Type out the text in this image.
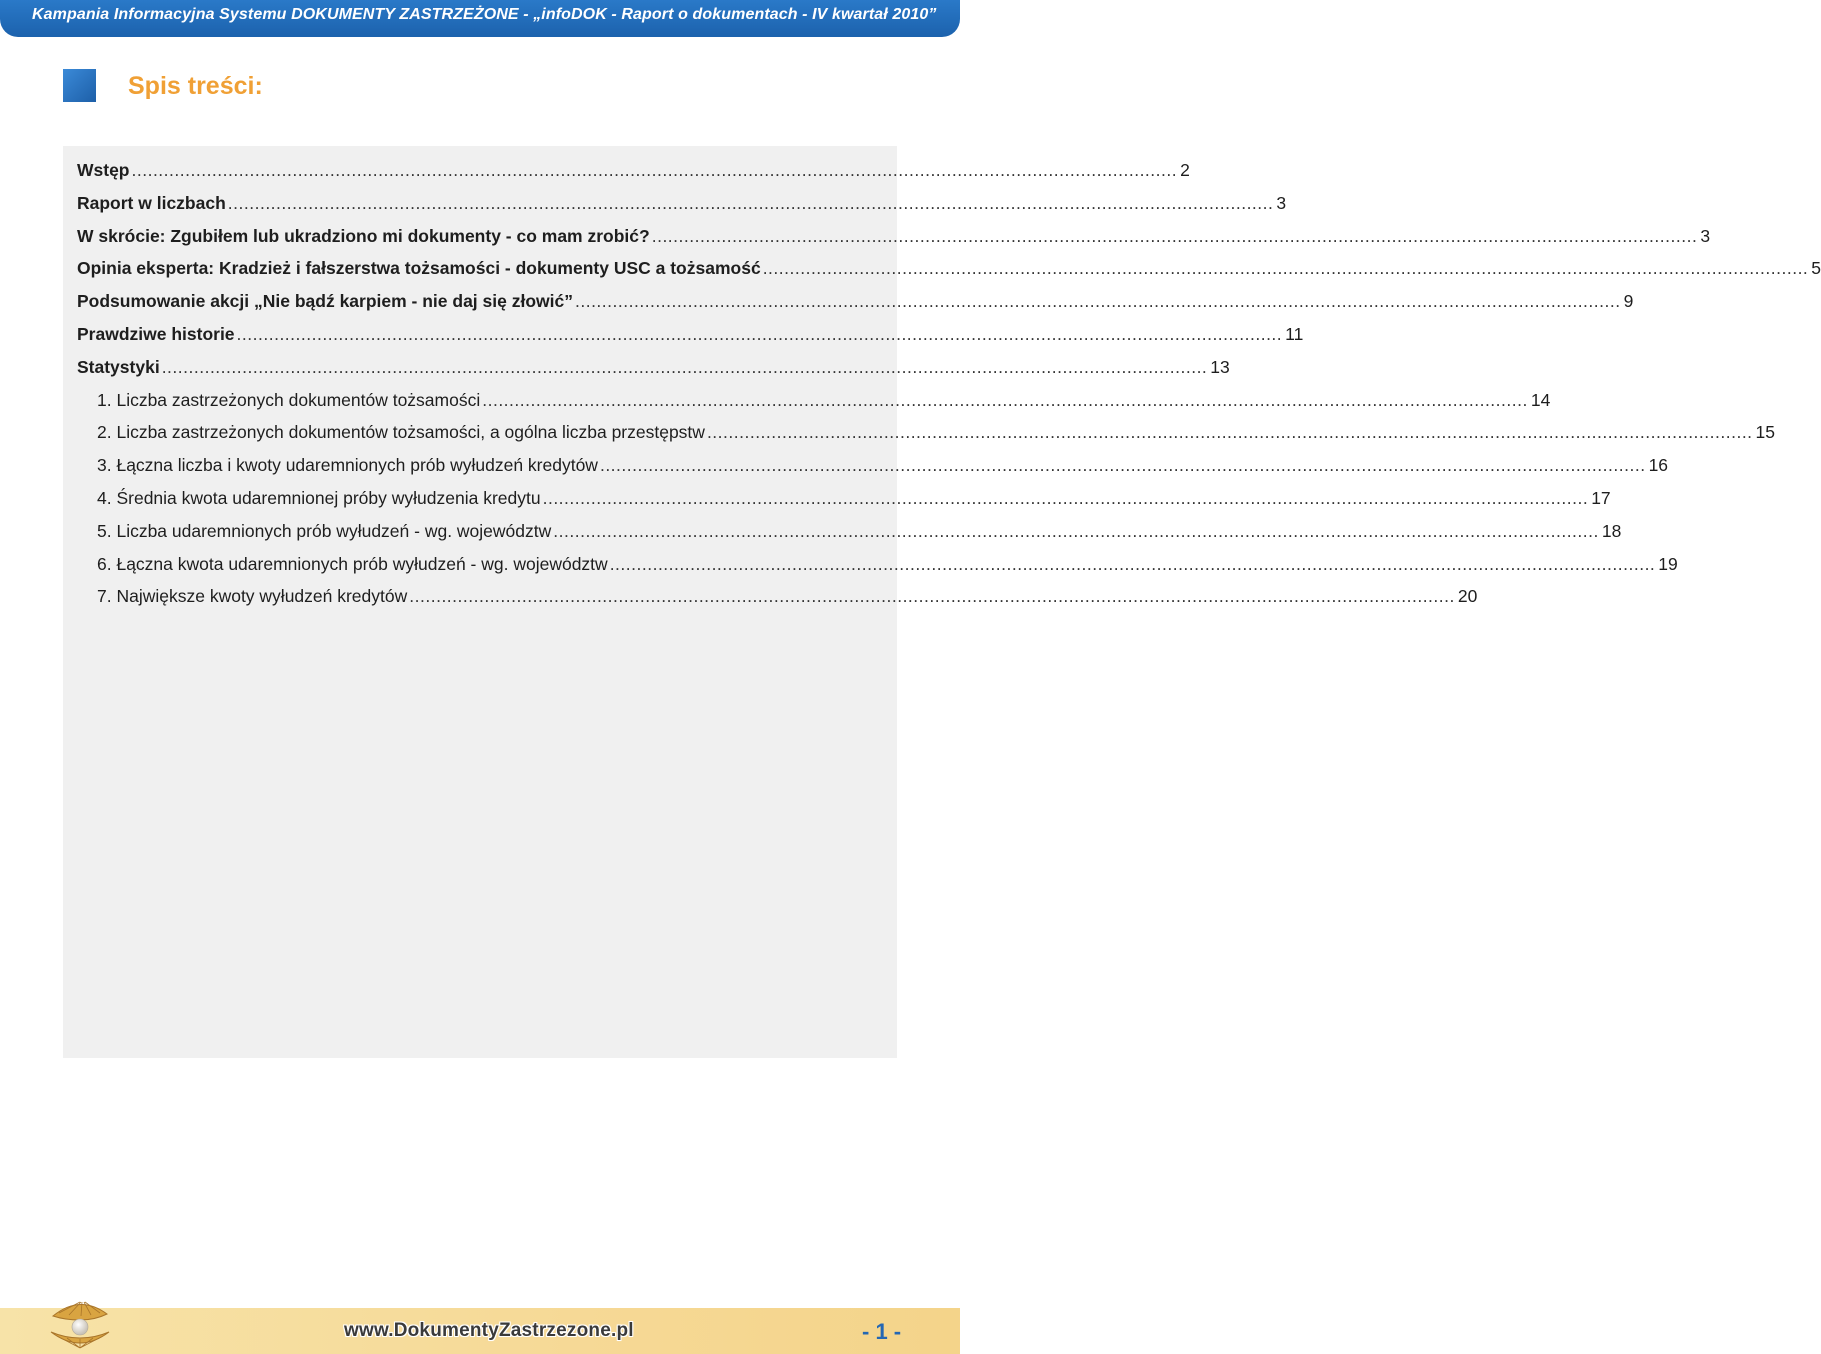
Kampania Informacyjna Systemu DOKUMENTY ZASTRZEŻONE - „infoDOK - Raport o dokumentach - IV kwartał 2010”
Spis treści:
Wstęp ................................................................................................................................................................................................... 2
Raport w liczbach ................................................................................................................................................................................................... 3
W skrócie: Zgubiłem lub ukradziono mi dokumenty - co mam zrobić? ................................................................................................................................................................................................... 3
Opinia eksperta: Kradzież i fałszerstwa tożsamości - dokumenty USC a tożsamość ................................................................................................................................................................................................... 5
Podsumowanie akcji „Nie bądź karpiem - nie daj się złowić” ................................................................................................................................................................................................... 9
Prawdziwe historie ................................................................................................................................................................................................... 11
Statystyki ................................................................................................................................................................................................... 13
1. Liczba zastrzeżonych dokumentów tożsamości ................................................................................................................................................................................................... 14
2. Liczba zastrzeżonych dokumentów tożsamości, a ogólna liczba przestępstw ................................................................................................................................................................................................... 15
3. Łączna liczba i kwoty udaremnionych prób wyłudzeń kredytów ................................................................................................................................................................................................... 16
4. Średnia kwota udaremnionej próby wyłudzenia kredytu ................................................................................................................................................................................................... 17
5. Liczba udaremnionych prób wyłudzeń - wg. województw ................................................................................................................................................................................................... 18
6. Łączna kwota udaremnionych prób wyłudzeń - wg. województw ................................................................................................................................................................................................... 19
7. Największe kwoty wyłudzeń kredytów ................................................................................................................................................................................................... 20
www.DokumentyZastrzezone.pl	- 1 -
